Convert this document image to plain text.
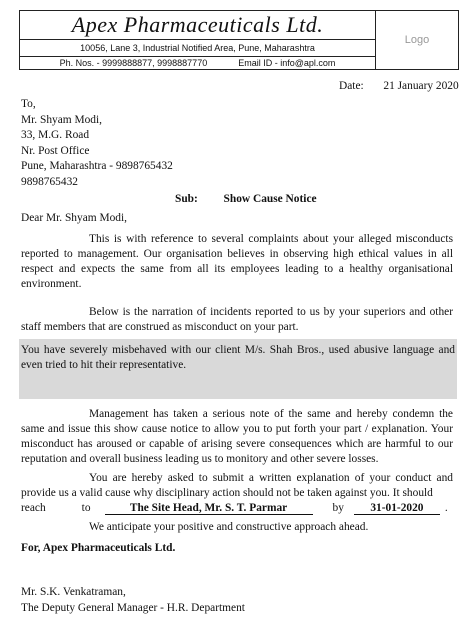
Apex Pharmaceuticals Ltd.
10056, Lane 3, Industrial Notified Area, Pune, Maharashtra
Ph. Nos. - 9999888877, 9998887770	Email ID - info@apl.com
Logo
Date: 21 January 2020
To,
Mr. Shyam Modi,
33, M.G. Road
Nr. Post Office
Pune, Maharashtra - 9898765432
9898765432
Sub: Show Cause Notice
Dear Mr. Shyam Modi,
This is with reference to several complaints about your alleged misconducts reported to management. Our organisation believes in observing high ethical values in all respect and expects the same from all its employees leading to a healthy organisational environment.
Below is the narration of incidents reported to us by your superiors and other staff members that are construed as misconduct on your part.
You have severely misbehaved with our client M/s. Shah Bros., used abusive language and even tried to hit their representative.
Management has taken a serious note of the same and hereby condemn the same and issue this show cause notice to allow you to put forth your part / explanation. Your misconduct has aroused or capable of arising severe consequences which are harmful to our reputation and overall business leading us to monitory and other severe losses.
You are hereby asked to submit a written explanation of your conduct and provide us a valid cause why disciplinary action should not be taken against you. It should
reach	to	The Site Head, Mr. S. T. Parmar	by 31-01-2020 .
We anticipate your positive and constructive approach ahead.
For, Apex Pharmaceuticals Ltd.
Mr. S.K. Venkatraman,
The Deputy General Manager - H.R. Department
